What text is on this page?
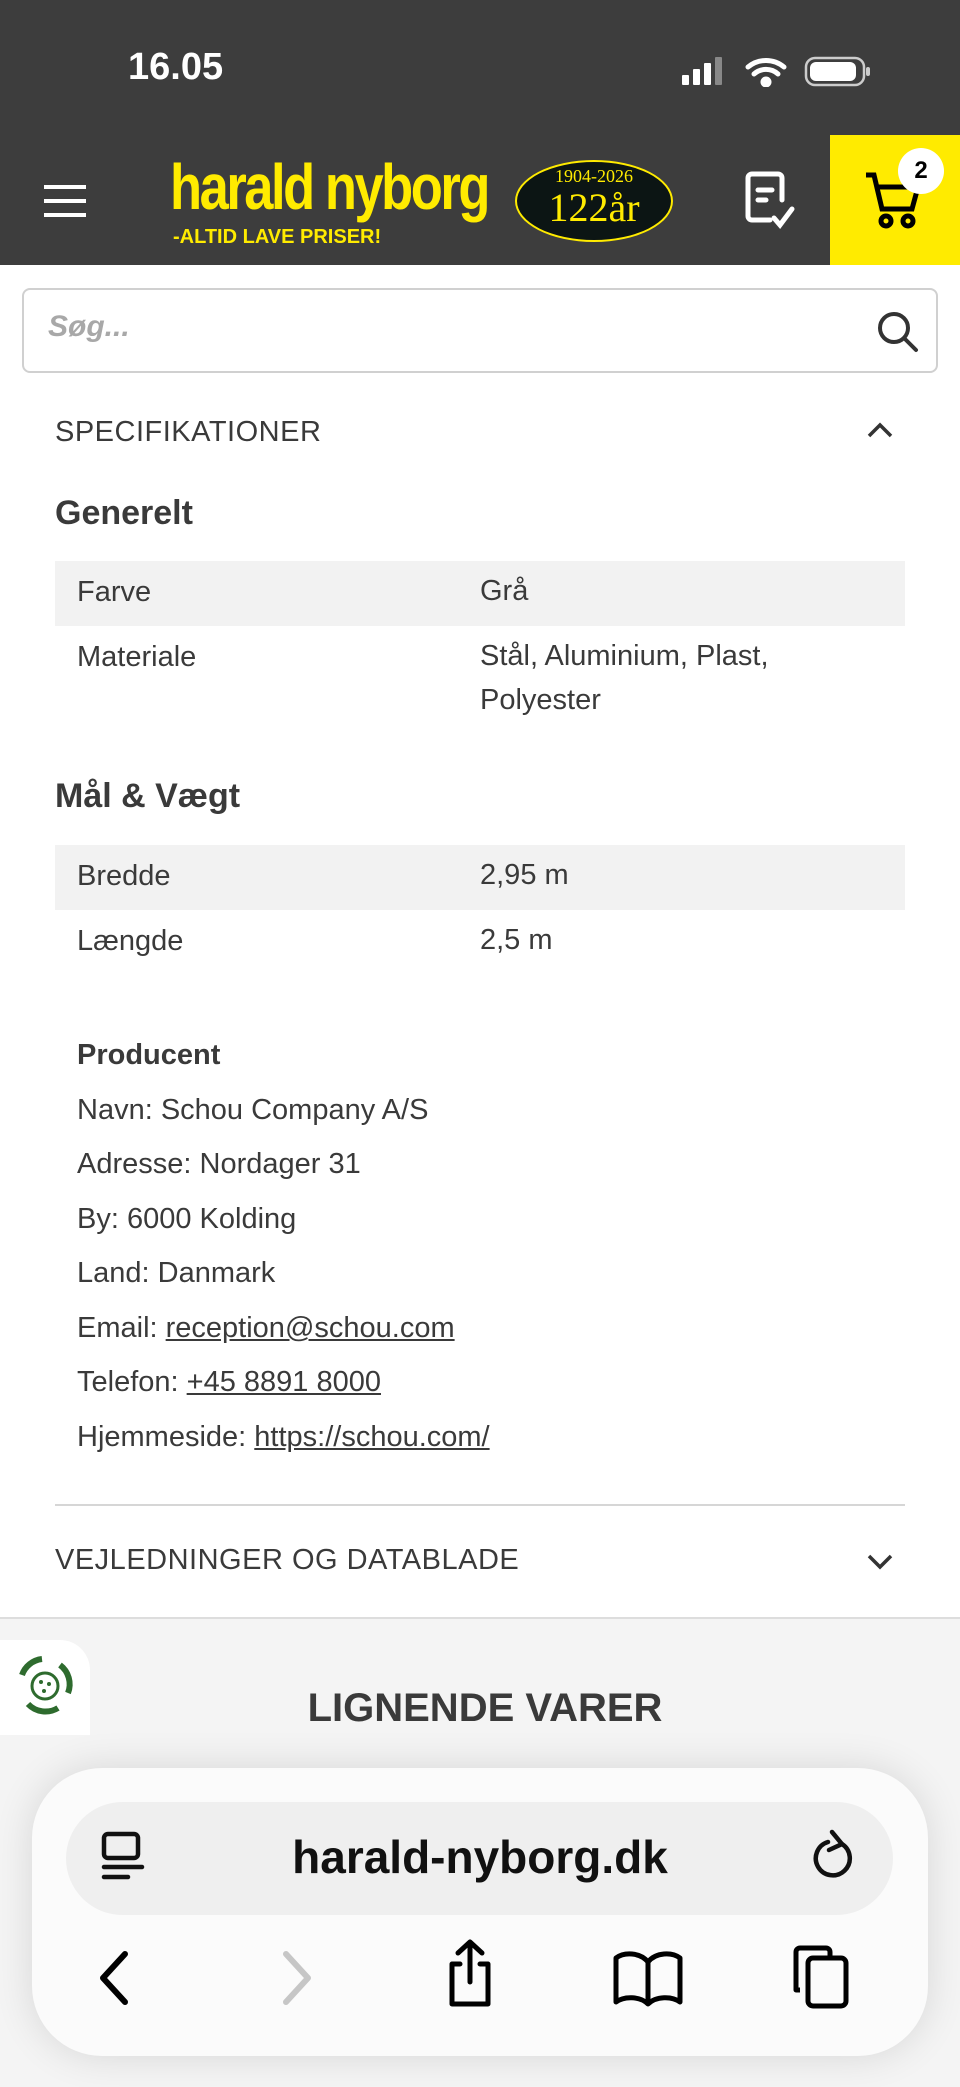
16.05
harald nyborg
-ALTID LAVE PRISER!
1904-2026
122år
2
Søg...
SPECIFIKATIONER
Generelt
Farve	Grå
Materiale	Stål, Aluminium, Plast,
Polyester
Mål & Vægt
Bredde	2,95 m
Længde	2,5 m
Producent
Navn: Schou Company A/S
Adresse: Nordager 31
By: 6000 Kolding
Land: Danmark
Email: reception@schou.com
Telefon: +45 8891 8000
Hjemmeside: https://schou.com/
VEJLEDNINGER OG DATABLADE
LIGNENDE VARER
harald-nyborg.dk
